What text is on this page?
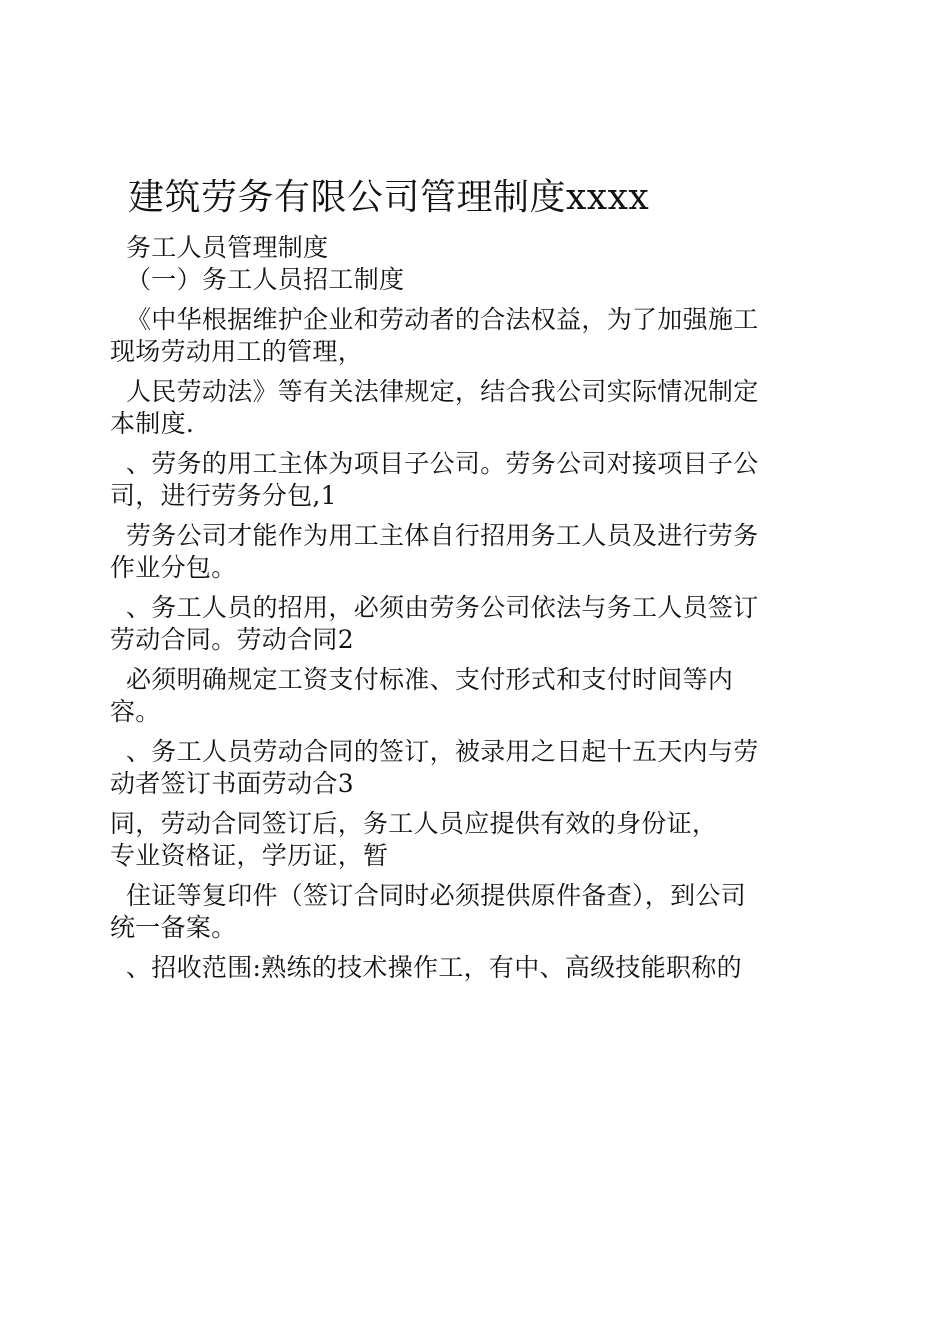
建筑劳务有限公司管理制度xxxx
务工人员管理制度
（一）务工人员招工制度
《中华根据维护企业和劳动者的合法权益，为了加强施工
现场劳动用工的管理，
人民劳动法》等有关法律规定，结合我公司实际情况制定
本制度.
、劳务的用工主体为项目子公司。劳务公司对接项目子公
司，进行劳务分包,1
劳务公司才能作为用工主体自行招用务工人员及进行劳务
作业分包。
、务工人员的招用，必须由劳务公司依法与务工人员签订
劳动合同。劳动合同2
必须明确规定工资支付标准、支付形式和支付时间等内
容。
、务工人员劳动合同的签订，被录用之日起十五天内与劳
动者签订书面劳动合3
同，劳动合同签订后，务工人员应提供有效的身份证，
专业资格证，学历证，暂
住证等复印件（签订合同时必须提供原件备查），到公司
统一备案。
、招收范围:熟练的技术操作工，有中、高级技能职称的
